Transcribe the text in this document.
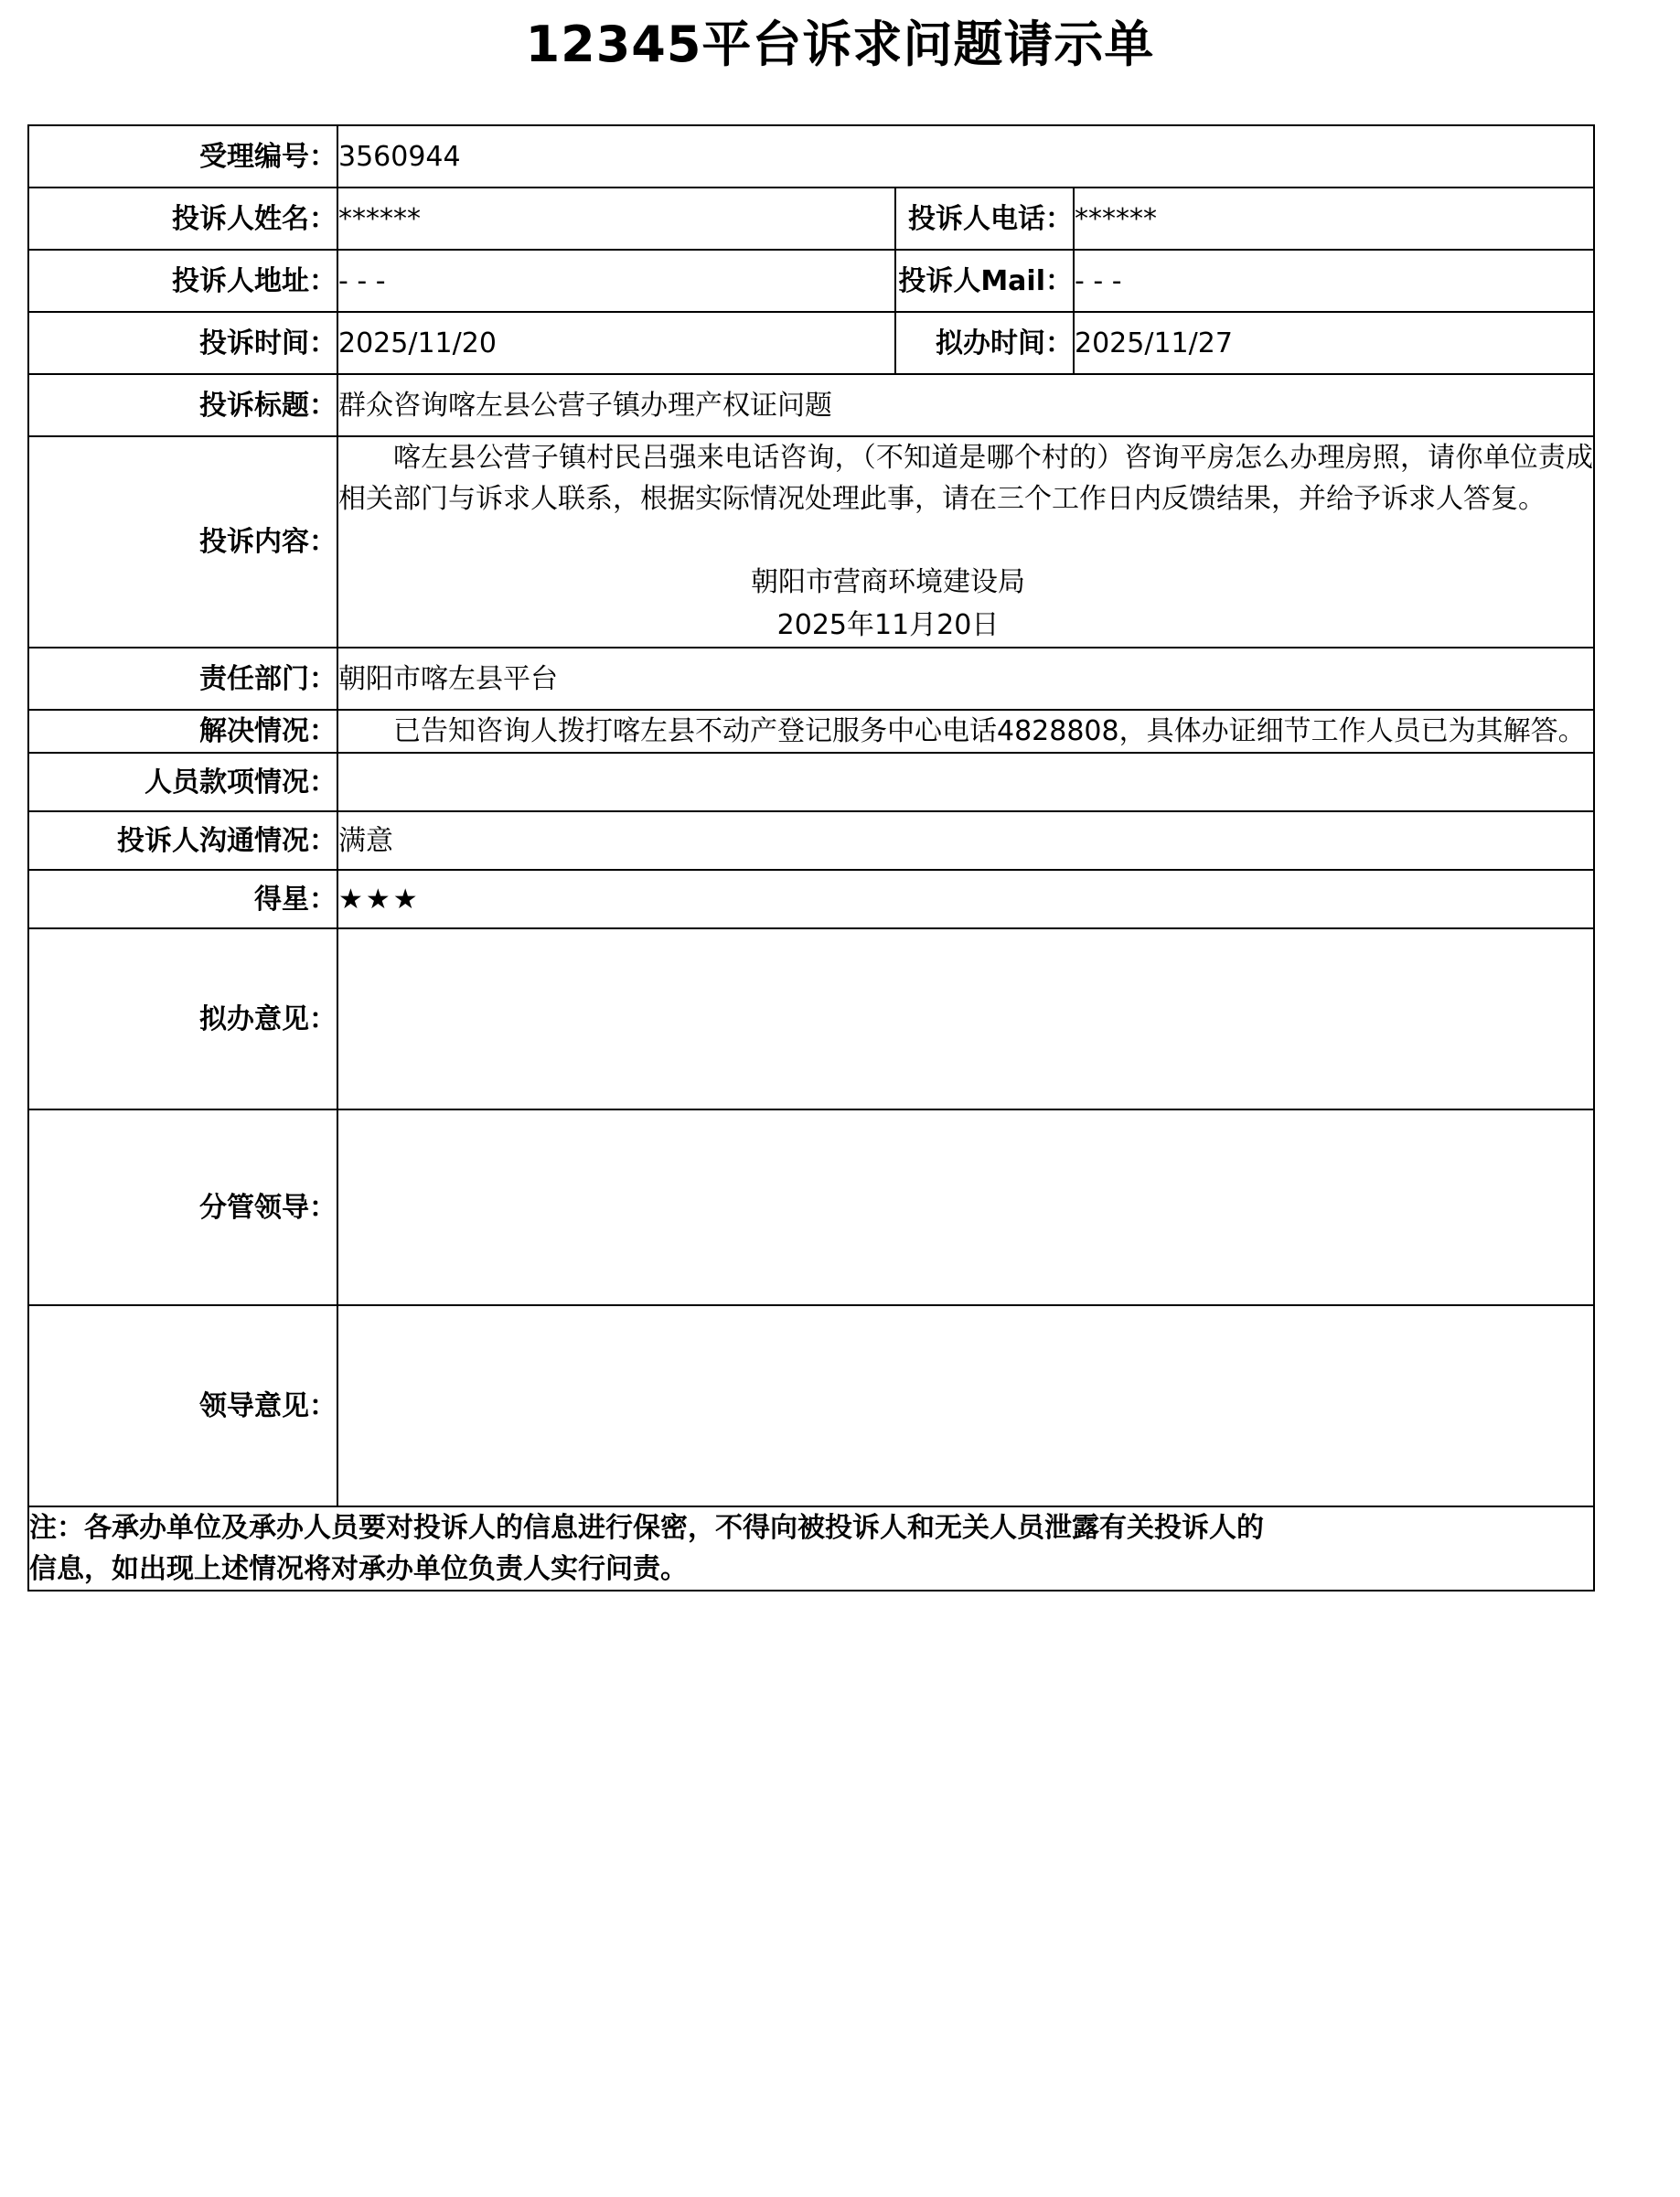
12345平台诉求问题请示单
受理编号：	3560944		
投诉人姓名：	******	投诉人电话：	******
投诉人地址：	- - -	投诉人Mail：	- - -
投诉时间：	2025/11/20	拟办时间：	2025/11/27
投诉标题：	群众咨询喀左县公营子镇办理产权证问题		
投诉内容：	喀左县公营子镇村民吕强来电话咨询，（不知道是哪个村的）咨询平房怎么办理房照，请你单位责成相关部门与诉求人联系，根据实际情况处理此事，请在三个工作日内反馈结果，并给予诉求人答复。

朝阳市营商环境建设局
2025年11月20日		

责任部门：	朝阳市喀左县平台		
解决情况：	已告知咨询人拨打喀左县不动产登记服务中心电话4828808，具体办证细节工作人员已为其解答。		

人员款项情况：			
投诉人沟通情况：	满意		
得星：	★★★		
拟办意见：			
分管领导：			
领导意见：			

注：各承办单位及承办人员要对投诉人的信息进行保密，不得向被投诉人和无关人员泄露有关投诉人的

信息，如出现上述情况将对承办单位负责人实行问责。			
